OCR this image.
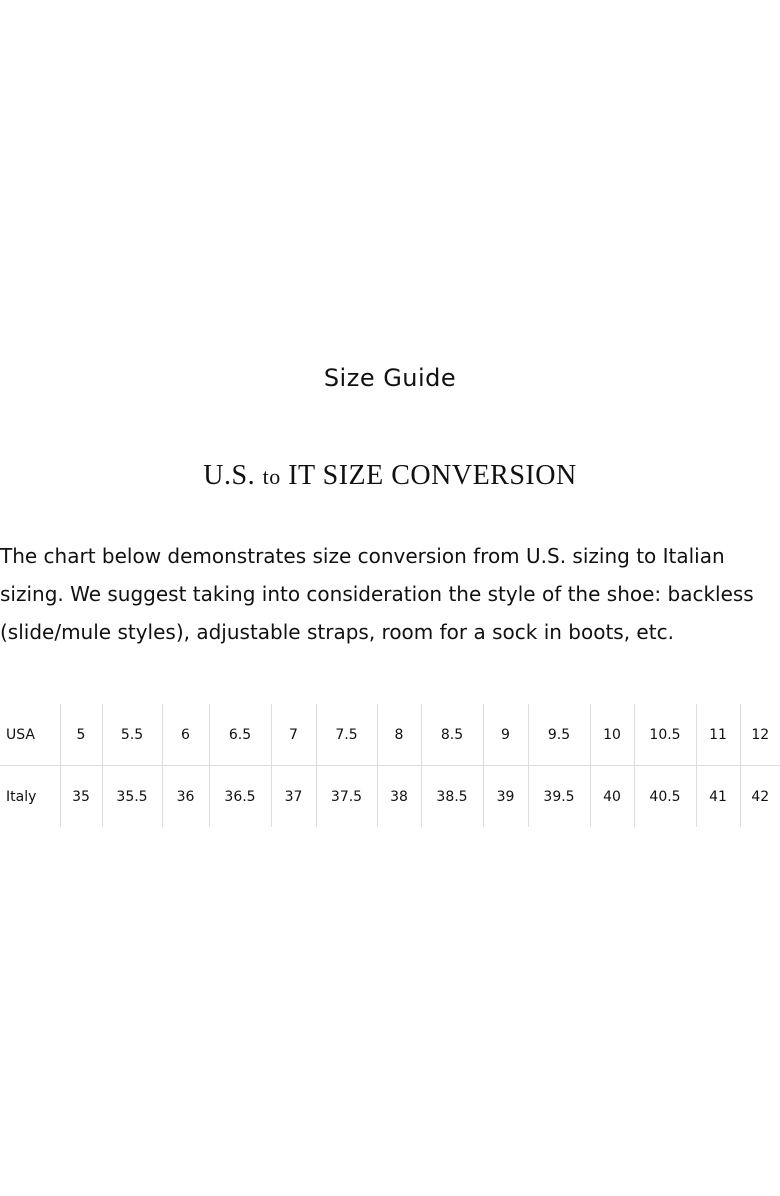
Size Guide
U.S. to IT SIZE CONVERSION

The chart below demonstrates size conversion from U.S. sizing to Italian
sizing. We suggest taking into consideration the style of the shoe: backless
(slide/mule styles), adjustable straps, room for a sock in boots, etc.

USA	5	5.5	6	6.5	7	7.5	8	8.5	9	9.5	10	10.5	11	12
Italy	35	35.5	36	36.5	37	37.5	38	38.5	39	39.5	40	40.5	41	42
